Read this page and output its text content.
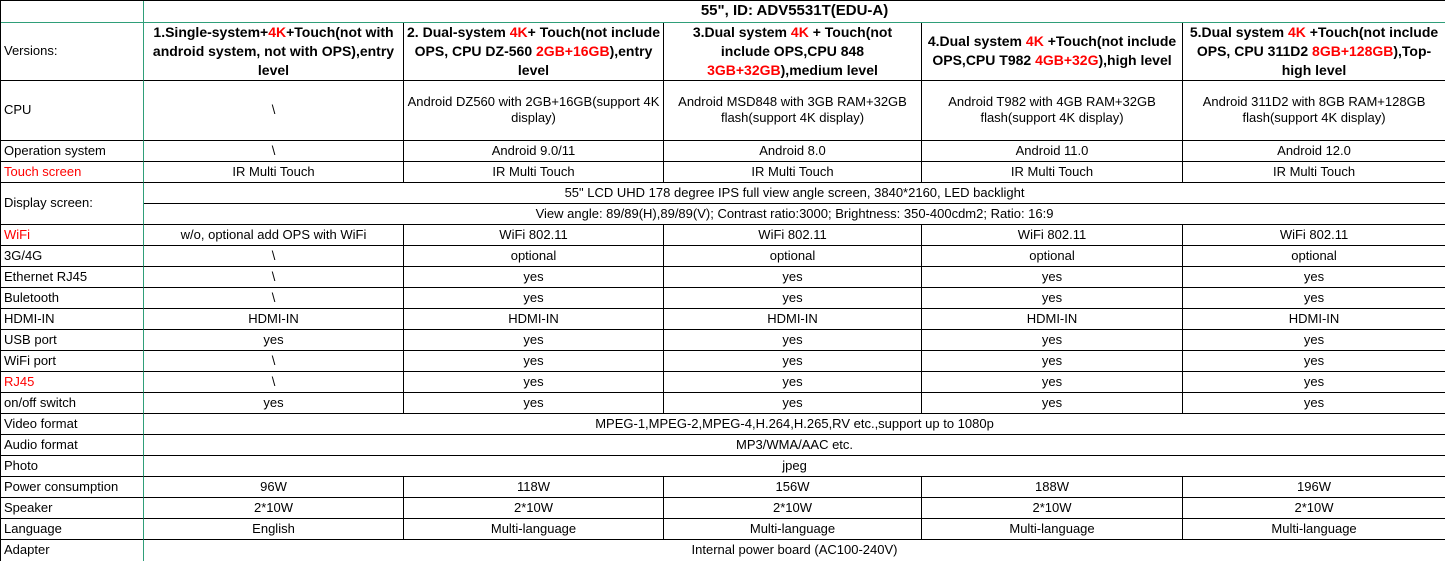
	55", ID: ADV5531T(EDU-A)				
Versions:	1.Single-system+4K+Touch(not with android system, not with OPS),entry level	2. Dual-system 4K+ Touch(not include OPS, CPU DZ-560 2GB+16GB),entry level	3.Dual system 4K + Touch(not include OPS,CPU 848 3GB+32GB),medium level	4.Dual system 4K +Touch(not include OPS,CPU T982 4GB+32G),high level	5.Dual system 4K +Touch(not include OPS, CPU 311D2 8GB+128GB),Top-high level
CPU	\	Android DZ560 with 2GB+16GB(support 4K display)	Android MSD848 with 3GB RAM+32GB flash(support 4K display)	Android T982 with 4GB RAM+32GB flash(support 4K display)	Android 311D2 with 8GB RAM+128GB flash(support 4K display)
Operation system	\	Android 9.0/11	Android 8.0	Android 11.0	Android 12.0
Touch screen	IR Multi Touch	IR Multi Touch	IR Multi Touch	IR Multi Touch	IR Multi Touch
Display screen:	55" LCD UHD 178 degree IPS full view angle screen, 3840*2160, LED backlight				
	View angle: 89/89(H),89/89(V); Contrast ratio:3000; Brightness: 350-400cdm2; Ratio: 16:9				
WiFi	w/o, optional add OPS with WiFi	WiFi 802.11	WiFi 802.11	WiFi 802.11	WiFi 802.11
3G/4G	\	optional	optional	optional	optional
Ethernet RJ45	\	yes	yes	yes	yes
Buletooth	\	yes	yes	yes	yes
HDMI-IN	HDMI-IN	HDMI-IN	HDMI-IN	HDMI-IN	HDMI-IN
USB port	yes	yes	yes	yes	yes
WiFi port	\	yes	yes	yes	yes
RJ45	\	yes	yes	yes	yes
on/off switch	yes	yes	yes	yes	yes
Video format	MPEG-1,MPEG-2,MPEG-4,H.264,H.265,RV etc.,support up to 1080p				
Audio format	MP3/WMA/AAC etc.				
Photo	jpeg				
Power consumption	96W	118W	156W	188W	196W
Speaker	2*10W	2*10W	2*10W	2*10W	2*10W
Language	English	Multi-language	Multi-language	Multi-language	Multi-language
Adapter	Internal power board (AC100-240V)				
